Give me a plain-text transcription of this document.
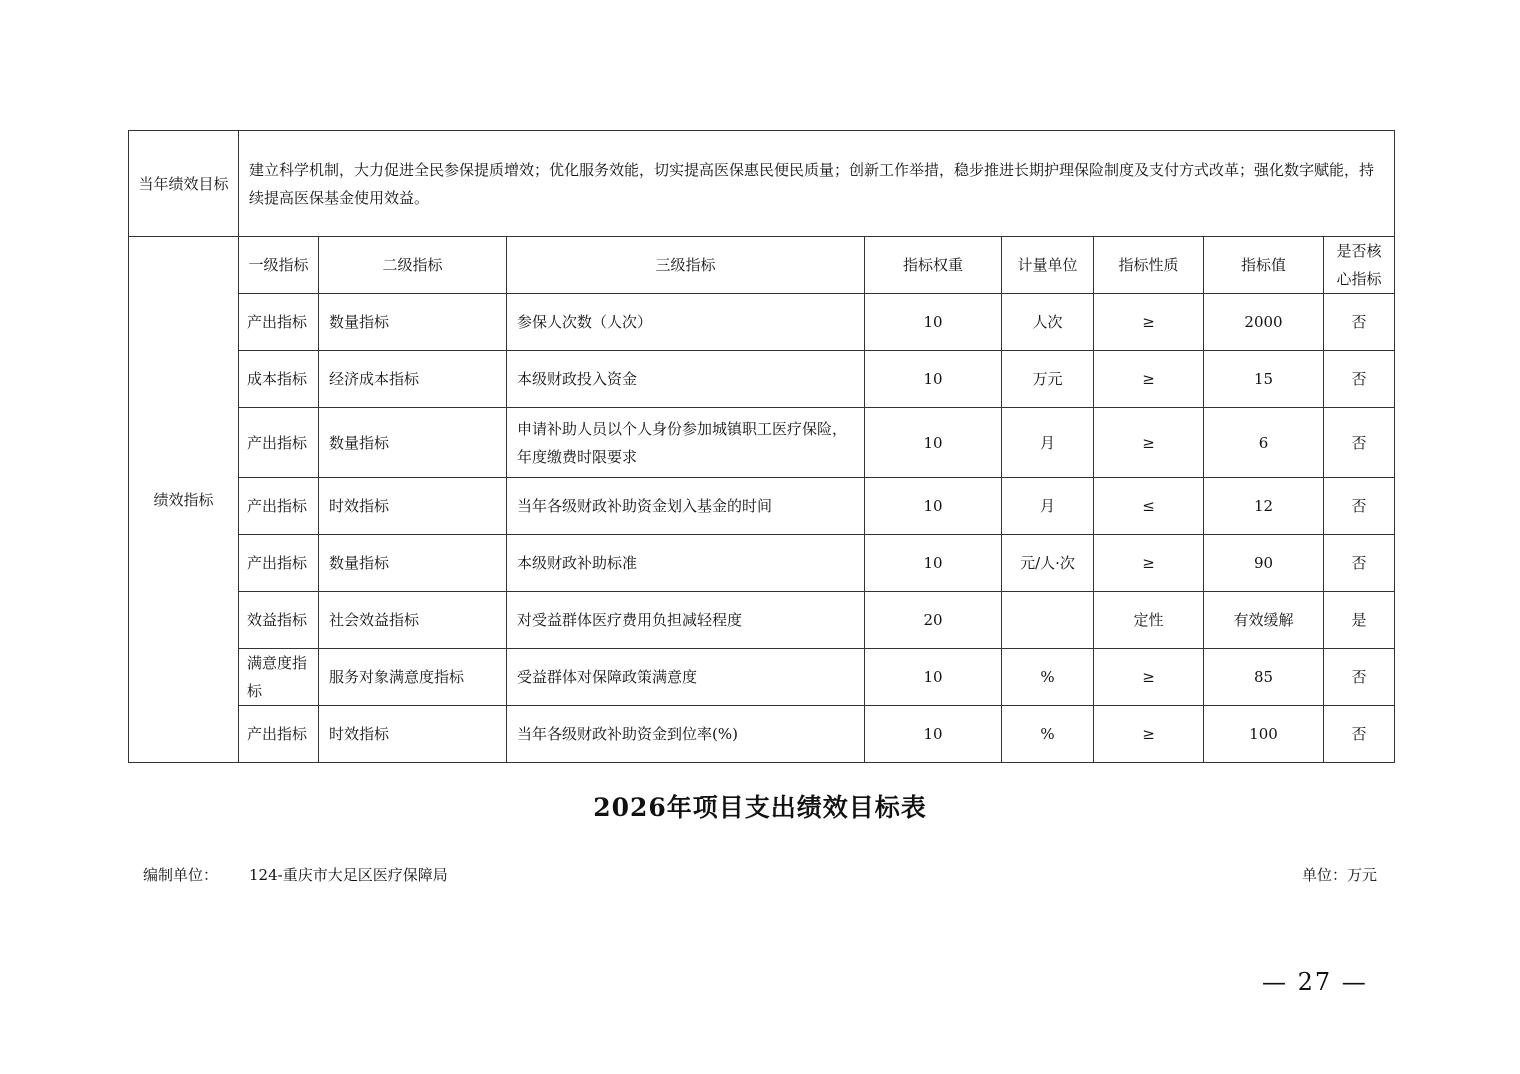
当年绩效目标	建立科学机制，大力促进全民参保提质增效；优化服务效能，切实提高医保惠民便民质量；创新工作举措，稳步推进长期护理保险制度及支付方式改革；强化数字赋能，持续提高医保基金使用效益。							
绩效指标	一级指标	二级指标	三级指标	指标权重	计量单位	指标性质	指标值	是否核心指标
	产出指标	数量指标	参保人次数（人次）	10	人次	≥	2000	否
	成本指标	经济成本指标	本级财政投入资金	10	万元	≥	15	否
	产出指标	数量指标	申请补助人员以个人身份参加城镇职工医疗保险，年度缴费时限要求	10	月	≥	6	否
	产出指标	时效指标	当年各级财政补助资金划入基金的时间	10	月	≤	12	否
	产出指标	数量指标	本级财政补助标准	10	元/人·次	≥	90	否
	效益指标	社会效益指标	对受益群体医疗费用负担减轻程度	20		定性	有效缓解	是
	满意度指标	服务对象满意度指标	受益群体对保障政策满意度	10	%	≥	85	否
	产出指标	时效指标	当年各级财政补助资金到位率(%)	10	%	≥	100	否
2026年项目支出绩效目标表
编制单位： 124-重庆市大足区医疗保障局	单位：万元
— 27 —
